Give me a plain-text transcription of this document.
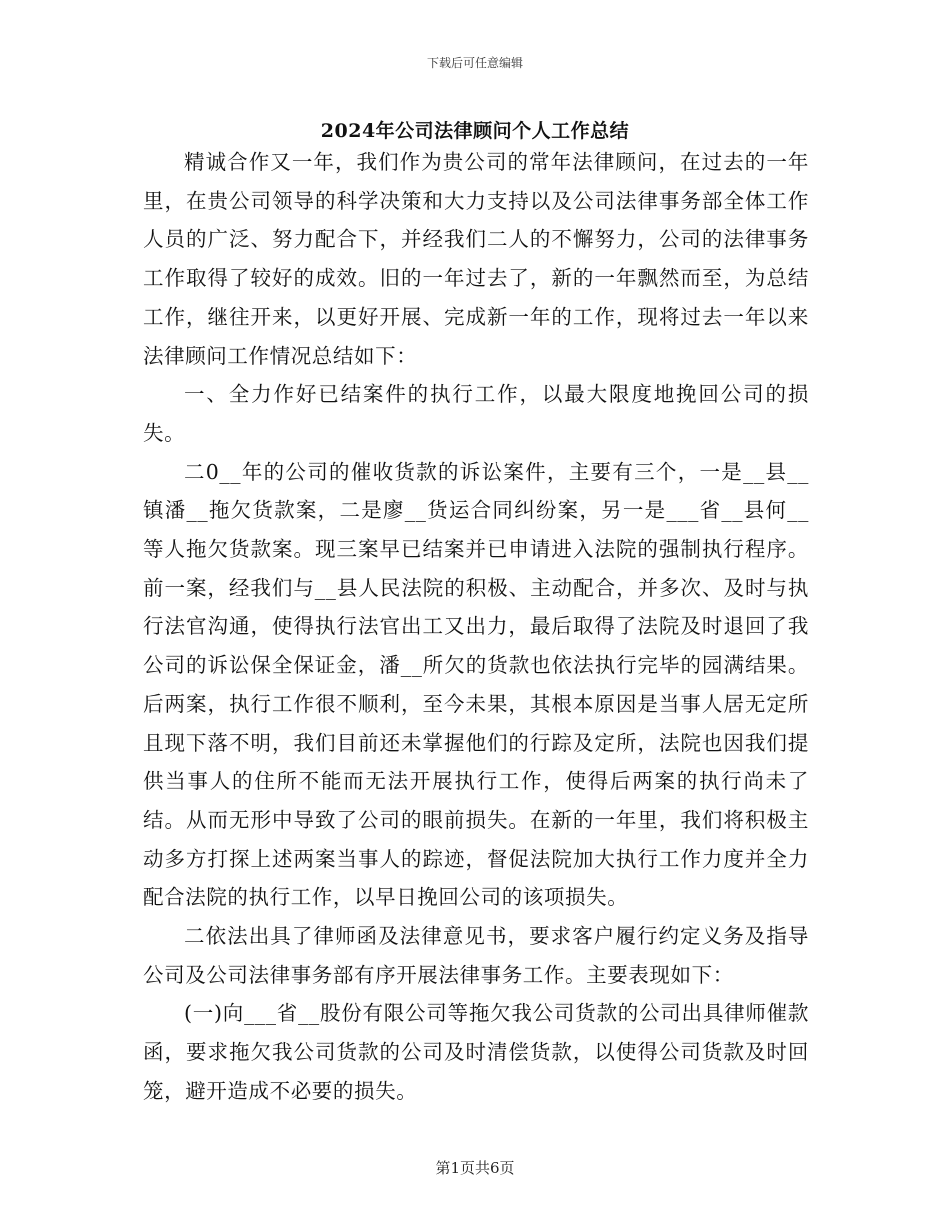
下载后可任意编辑
2024年公司法律顾问个人工作总结

精诚合作又一年，我们作为贵公司的常年法律顾问，在过去的一年里，在贵公司领导的科学决策和大力支持以及公司法律事务部全体工作人员的广泛、努力配合下，并经我们二人的不懈努力，公司的法律事务工作取得了较好的成效。旧的一年过去了，新的一年飘然而至，为总结工作，继往开来，以更好开展、完成新一年的工作，现将过去一年以来法律顾问工作情况总结如下：

一、全力作好已结案件的执行工作，以最大限度地挽回公司的损失。

二0__年的公司的催收货款的诉讼案件，主要有三个，一是__县__镇潘__拖欠货款案，二是廖__货运合同纠纷案，另一是___省__县何__等人拖欠货款案。现三案早已结案并已申请进入法院的强制执行程序。前一案，经我们与__县人民法院的积极、主动配合，并多次、及时与执行法官沟通，使得执行法官出工又出力，最后取得了法院及时退回了我公司的诉讼保全保证金，潘__所欠的货款也依法执行完毕的园满结果。后两案，执行工作很不顺利，至今未果，其根本原因是当事人居无定所且现下落不明，我们目前还未掌握他们的行踪及定所，法院也因我们提供当事人的住所不能而无法开展执行工作，使得后两案的执行尚未了结。从而无形中导致了公司的眼前损失。在新的一年里，我们将积极主动多方打探上述两案当事人的踪迹，督促法院加大执行工作力度并全力配合法院的执行工作，以早日挽回公司的该项损失。

二依法出具了律师函及法律意见书，要求客户履行约定义务及指导公司及公司法律事务部有序开展法律事务工作。主要表现如下：

(一)向___省__股份有限公司等拖欠我公司货款的公司出具律师催款函，要求拖欠我公司货款的公司及时清偿货款，以使得公司货款及时回笼，避开造成不必要的损失。

第1页共6页
